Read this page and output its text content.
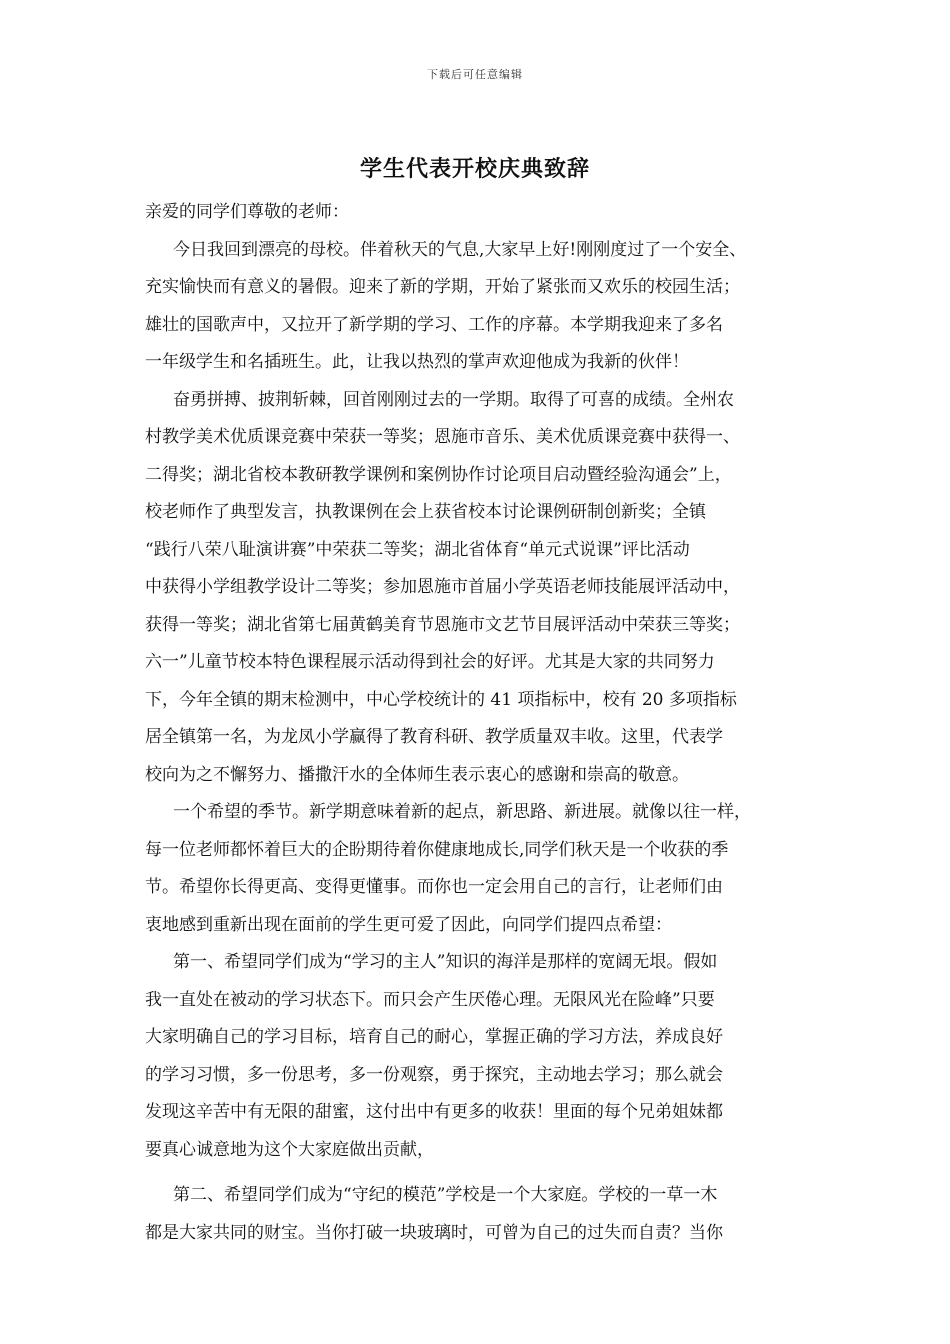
下载后可任意编辑
学生代表开校庆典致辞
亲爱的同学们尊敬的老师：
今日我回到漂亮的母校。伴着秋天的气息,大家早上好!刚刚度过了一个安全、
充实愉快而有意义的暑假。迎来了新的学期，开始了紧张而又欢乐的校园生活；
雄壮的国歌声中，又拉开了新学期的学习、工作的序幕。本学期我迎来了多名
一年级学生和名插班生。此，让我以热烈的掌声欢迎他成为我新的伙伴！
奋勇拼搏、披荆斩棘，回首刚刚过去的一学期。取得了可喜的成绩。全州农
村教学美术优质课竞赛中荣获一等奖；恩施市音乐、美术优质课竞赛中获得一、
二得奖；湖北省校本教研教学课例和案例协作讨论项目启动暨经验沟通会”上，
校老师作了典型发言，执教课例在会上获省校本讨论课例研制创新奖；全镇
“践行八荣八耻演讲赛”中荣获二等奖；湖北省体育“单元式说课”评比活动
中获得小学组教学设计二等奖；参加恩施市首届小学英语老师技能展评活动中，
获得一等奖；湖北省第七届黄鹤美育节恩施市文艺节目展评活动中荣获三等奖；
六一”儿童节校本特色课程展示活动得到社会的好评。尤其是大家的共同努力
下，今年全镇的期末检测中，中心学校统计的 41 项指标中，校有 20 多项指标
居全镇第一名，为龙凤小学赢得了教育科研、教学质量双丰收。这里，代表学
校向为之不懈努力、播撒汗水的全体师生表示衷心的感谢和崇高的敬意。
一个希望的季节。新学期意味着新的起点，新思路、新进展。就像以往一样，
每一位老师都怀着巨大的企盼期待着你健康地成长,同学们秋天是一个收获的季
节。希望你长得更高、变得更懂事。而你也一定会用自己的言行，让老师们由
衷地感到重新出现在面前的学生更可爱了因此，向同学们提四点希望：
第一、希望同学们成为“学习的主人”知识的海洋是那样的宽阔无垠。假如
我一直处在被动的学习状态下。而只会产生厌倦心理。无限风光在险峰”只要
大家明确自己的学习目标，培育自己的耐心，掌握正确的学习方法，养成良好
的学习习惯，多一份思考，多一份观察，勇于探究，主动地去学习；那么就会
发现这辛苦中有无限的甜蜜，这付出中有更多的收获！里面的每个兄弟姐妹都
要真心诚意地为这个大家庭做出贡献，
第二、希望同学们成为“守纪的模范”学校是一个大家庭。学校的一草一木
都是大家共同的财宝。当你打破一块玻璃时，可曾为自己的过失而自责？当你
